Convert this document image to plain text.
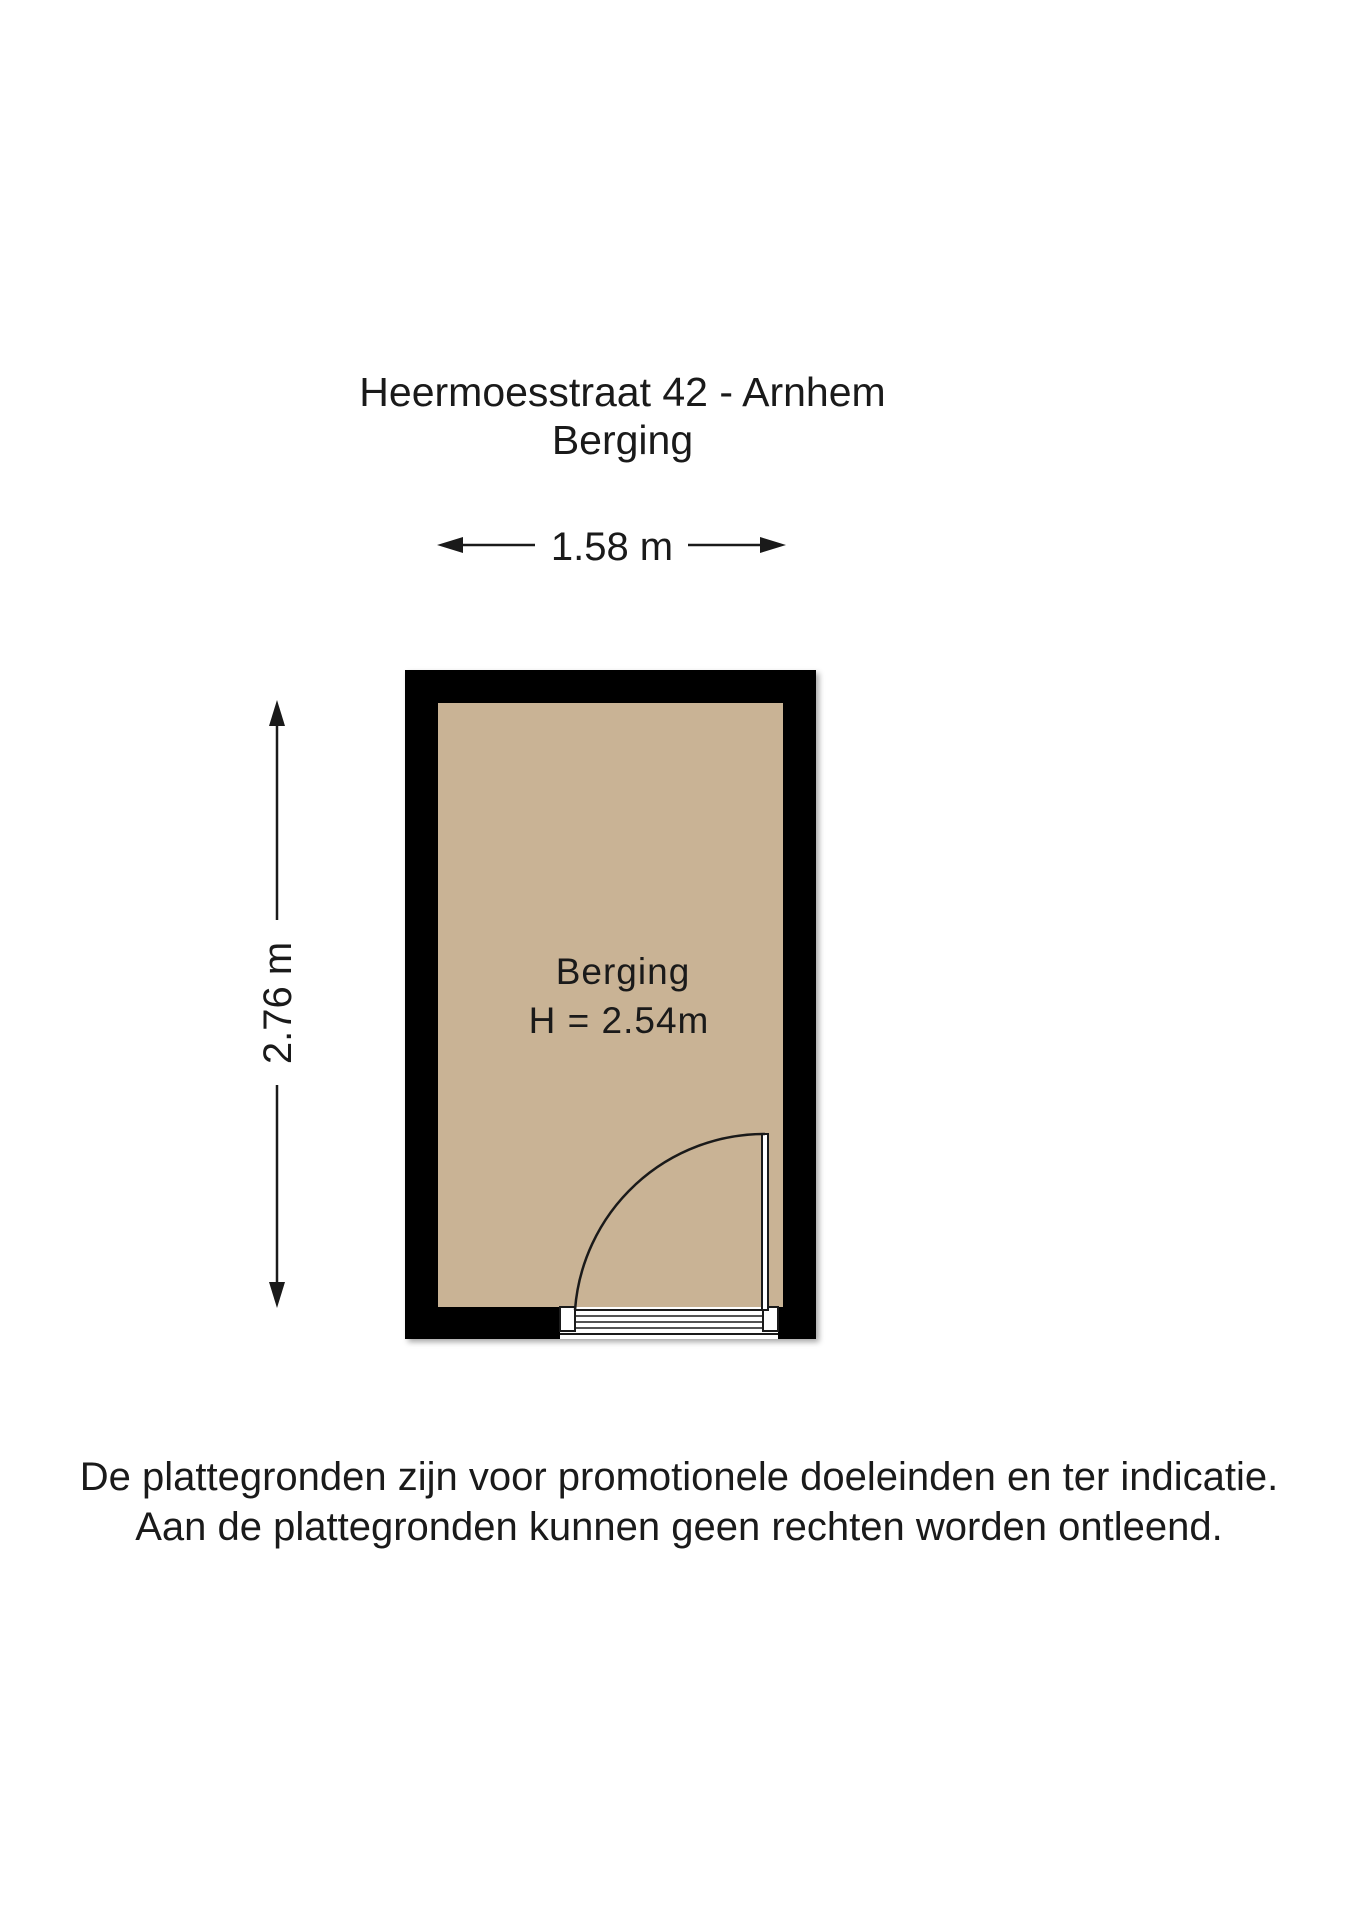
Heermoesstraat 42 - Arnhem
Berging
1.58 m
2.76 m	Berging
H = 2.54m
De plattegronden zijn voor promotionele doeleinden en ter indicatie.
Aan de plattegronden kunnen geen rechten worden ontleend.
